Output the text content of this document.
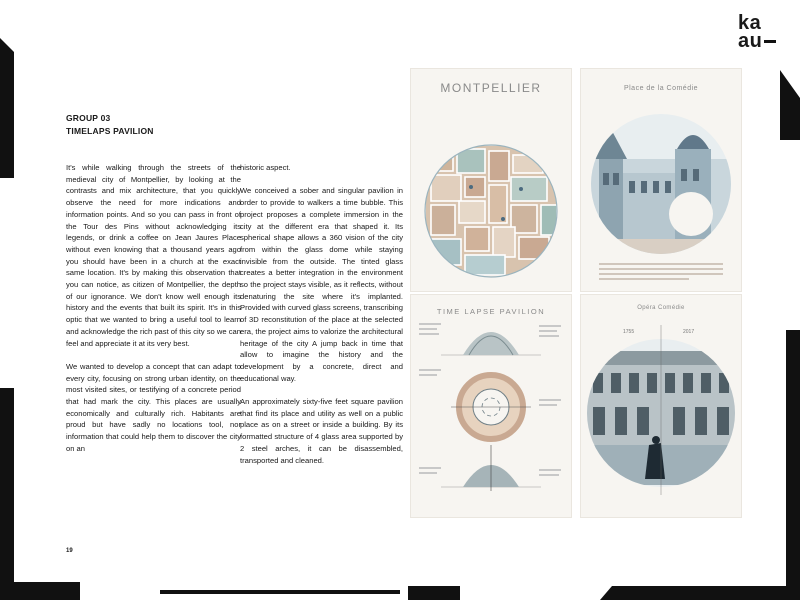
ka
au
GROUP 03
TIMELAPS PAVILION

It's while walking through the streets of the medieval city of Montpellier, by looking at the contrasts and mix architecture, that you quickly observe the need for more indications and information points. And so you can pass in front of the Tour des Pins without acknowledging its legends, or drink a coffee on Jean Jaures Place without even knowing that a thousand years ago you should have been in a church at the exact same location. It's by making this observation that you can notice, as citizen of Montpellier, the depth of our ignorance. We don't know well enough its history and the events that built its spirit. It's in this optic that we wanted to bring a useful tool to learn and acknowledge the rich past of this city so we can feel and appreciate it at its very best.

We wanted to develop a concept that can adapt to every city, focusing on strong urban identity, on the most visited sites, or testifying of a concrete period that had mark the city. This places are usually economically and culturally rich. Habitants are proud but have sadly no locations tool, nor information that could help them to discover the city on an

historic aspect.

We conceived a sober and singular pavilion in order to provide to walkers a time bubble. This project proposes a complete immersion in the city at the different era that shaped it. Its spherical shape allows a 360 vision of the city from within the glass dome while staying invisible from the outside. The tinted glass creates a better integration in the environment so the project stays visible, as it reflects, without denaturing the site where it's implanted. Provided with curved glass screens, transcribing of 3D reconstitution of the place at the selected era, the project aims to valorize the architectural heritage of the city A jump back in time that allow to imagine the history and the development by a concrete, direct and educational way.

An approximately sixty-five feet square pavilion that find its place and utility as well on a public place as on a street or inside a building. By its formatted structure of 4 glass area supported by 2 steel arches, it can be disassembled, transported and cleaned.

19
MONTPELLIER	Place de la Comédie
TIME LAPSE PAVILION	Opéra Comédie
1755	2017
